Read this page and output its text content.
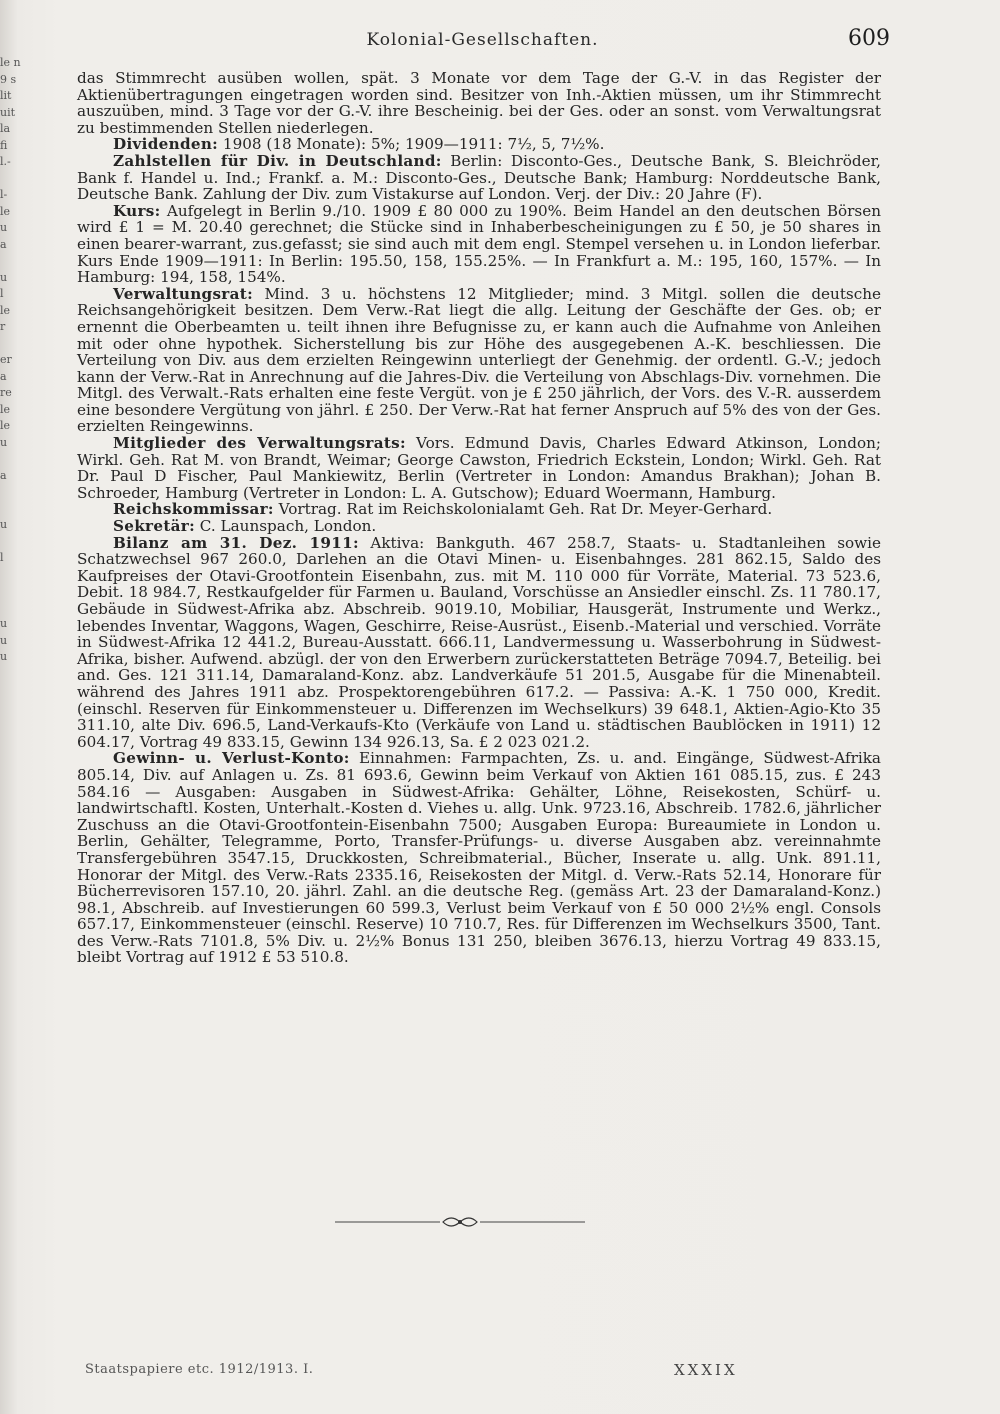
le n
9 s
lit
uit
la
fi
l.-

l-
le
u
a

u
l
le
r

er
a
re
le
le
u

a

u

l

u
u
u
Kolonial-Gesellschaften.	609

das Stimmrecht ausüben wollen, spät. 3 Monate vor dem Tage der G.-V. in das Register der Aktienübertragungen eingetragen worden sind. Besitzer von Inh.-Aktien müssen, um ihr Stimmrecht auszuüben, mind. 3 Tage vor der G.-V. ihre Bescheinig. bei der Ges. oder an sonst. vom Verwaltungsrat zu bestimmenden Stellen niederlegen.

Dividenden: 1908 (18 Monate): 5%; 1909—1911: 7½, 5, 7½%.

Zahlstellen für Div. in Deutschland: Berlin: Disconto-Ges., Deutsche Bank, S. Bleichröder, Bank f. Handel u. Ind.; Frankf. a. M.: Disconto-Ges., Deutsche Bank; Hamburg: Norddeutsche Bank, Deutsche Bank. Zahlung der Div. zum Vistakurse auf London. Verj. der Div.: 20 Jahre (F).

Kurs: Aufgelegt in Berlin 9./10. 1909 £ 80 000 zu 190%. Beim Handel an den deutschen Börsen wird £ 1 = M. 20.40 gerechnet; die Stücke sind in Inhaberbescheinigungen zu £ 50, je 50 shares in einen bearer-warrant, zus.gefasst; sie sind auch mit dem engl. Stempel versehen u. in London lieferbar. Kurs Ende 1909—1911: In Berlin: 195.50, 158, 155.25%. — In Frankfurt a. M.: 195, 160, 157%. — In Hamburg: 194, 158, 154%.

Verwaltungsrat: Mind. 3 u. höchstens 12 Mitglieder; mind. 3 Mitgl. sollen die deutsche Reichsangehörigkeit besitzen. Dem Verw.-Rat liegt die allg. Leitung der Geschäfte der Ges. ob; er ernennt die Oberbeamten u. teilt ihnen ihre Befugnisse zu, er kann auch die Aufnahme von Anleihen mit oder ohne hypothek. Sicherstellung bis zur Höhe des ausgegebenen A.-K. beschliessen. Die Verteilung von Div. aus dem erzielten Reingewinn unterliegt der Genehmig. der ordentl. G.-V.; jedoch kann der Verw.-Rat in Anrechnung auf die Jahres-Div. die Verteilung von Abschlags-Div. vornehmen. Die Mitgl. des Verwalt.-Rats erhalten eine feste Vergüt. von je £ 250 jährlich, der Vors. des V.-R. ausserdem eine besondere Vergütung von jährl. £ 250. Der Verw.-Rat hat ferner Anspruch auf 5% des von der Ges. erzielten Reingewinns.

Mitglieder des Verwaltungsrats: Vors. Edmund Davis, Charles Edward Atkinson, London; Wirkl. Geh. Rat M. von Brandt, Weimar; George Cawston, Friedrich Eckstein, London; Wirkl. Geh. Rat Dr. Paul D Fischer, Paul Mankiewitz, Berlin (Vertreter in London: Amandus Brakhan); Johan B. Schroeder, Hamburg (Vertreter in London: L. A. Gutschow); Eduard Woermann, Hamburg.

Reichskommissar: Vortrag. Rat im Reichskolonialamt Geh. Rat Dr. Meyer-Gerhard.

Sekretär: C. Launspach, London.

Bilanz am 31. Dez. 1911: Aktiva: Bankguth. 467 258.7, Staats- u. Stadtanleihen sowie Schatzwechsel 967 260.0, Darlehen an die Otavi Minen- u. Eisenbahnges. 281 862.15, Saldo des Kaufpreises der Otavi-Grootfontein Eisenbahn, zus. mit M. 110 000 für Vorräte, Material. 73 523.6, Debit. 18 984.7, Restkaufgelder für Farmen u. Bauland, Vorschüsse an Ansiedler einschl. Zs. 11 780.17, Gebäude in Südwest-Afrika abz. Abschreib. 9019.10, Mobiliar, Hausgerät, Instrumente und Werkz., lebendes Inventar, Waggons, Wagen, Geschirre, Reise-Ausrüst., Eisenb.-Material und verschied. Vorräte in Südwest-Afrika 12 441.2, Bureau-Ausstatt. 666.11, Landvermessung u. Wasserbohrung in Südwest-Afrika, bisher. Aufwend. abzügl. der von den Erwerbern zurückerstatteten Beträge 7094.7, Beteilig. bei and. Ges. 121 311.14, Damaraland-Konz. abz. Landverkäufe 51 201.5, Ausgabe für die Minenabteil. während des Jahres 1911 abz. Prospektorengebühren 617.2. — Passiva: A.-K. 1 750 000, Kredit. (einschl. Reserven für Einkommensteuer u. Differenzen im Wechselkurs) 39 648.1, Aktien-Agio-Kto 35 311.10, alte Div. 696.5, Land-Verkaufs-Kto (Verkäufe von Land u. städtischen Baublöcken in 1911) 12 604.17, Vortrag 49 833.15, Gewinn 134 926.13, Sa. £ 2 023 021.2.

Gewinn- u. Verlust-Konto: Einnahmen: Farmpachten, Zs. u. and. Eingänge, Südwest-Afrika 805.14, Div. auf Anlagen u. Zs. 81 693.6, Gewinn beim Verkauf von Aktien 161 085.15, zus. £ 243 584.16 — Ausgaben: Ausgaben in Südwest-Afrika: Gehälter, Löhne, Reisekosten, Schürf- u. landwirtschaftl. Kosten, Unterhalt.-Kosten d. Viehes u. allg. Unk. 9723.16, Abschreib. 1782.6, jährlicher Zuschuss an die Otavi-Grootfontein-Eisenbahn 7500; Ausgaben Europa: Bureaumiete in London u. Berlin, Gehälter, Telegramme, Porto, Transfer-Prüfungs- u. diverse Ausgaben abz. vereinnahmte Transfergebühren 3547.15, Druckkosten, Schreibmaterial., Bücher, Inserate u. allg. Unk. 891.11, Honorar der Mitgl. des Verw.-Rats 2335.16, Reisekosten der Mitgl. d. Verw.-Rats 52.14, Honorare für Bücherrevisoren 157.10, 20. jährl. Zahl. an die deutsche Reg. (gemäss Art. 23 der Damaraland-Konz.) 98.1, Abschreib. auf Investierungen 60 599.3, Verlust beim Verkauf von £ 50 000 2½% engl. Consols 657.17, Einkommensteuer (einschl. Reserve) 10 710.7, Res. für Differenzen im Wechselkurs 3500, Tant. des Verw.-Rats 7101.8, 5% Div. u. 2½% Bonus 131 250, bleiben 3676.13, hierzu Vortrag 49 833.15, bleibt Vortrag auf 1912 £ 53 510.8.

Staatspapiere etc. 1912/1913. I.	XXXIX
